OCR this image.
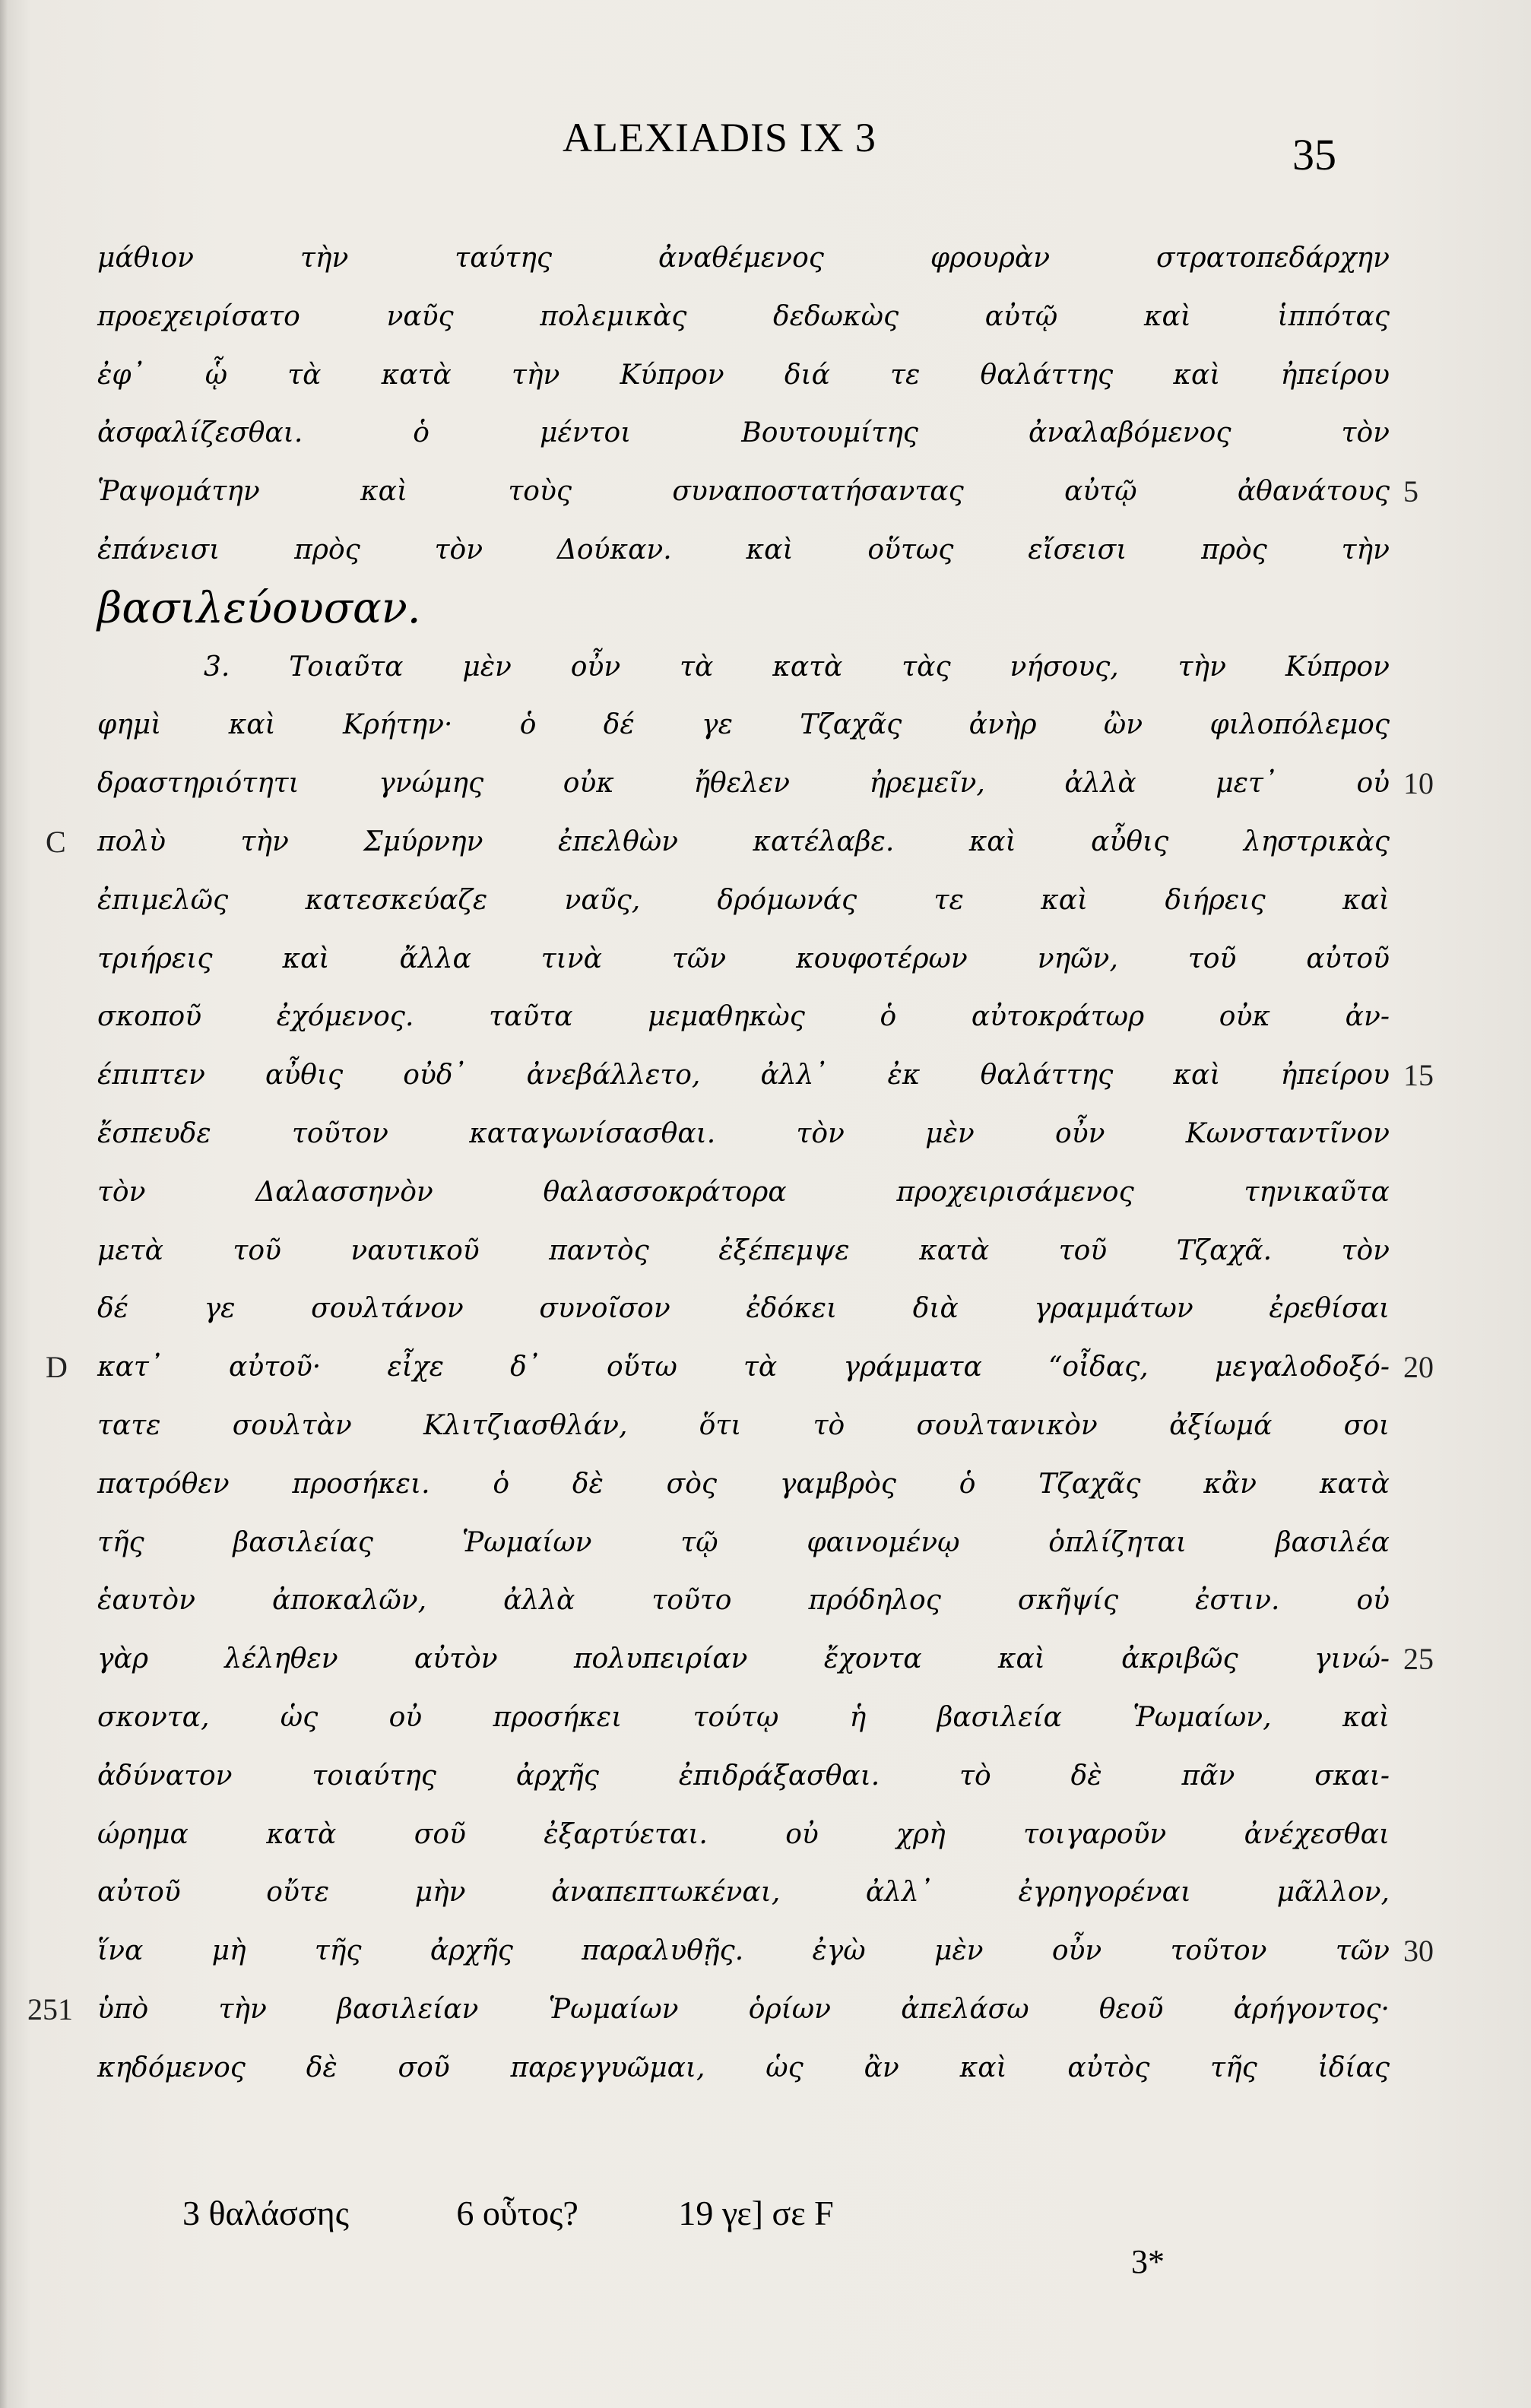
ALEXIADIS IX 3	35
μάθιον τὴν ταύτης ἀναθέμενος φρουρὰν στρατοπεδάρχην
προεχειρίσατο ναῦς πολεμικὰς δεδωκὼς αὐτῷ καὶ ἱππότας
ἐφ᾿ ᾧ τὰ κατὰ τὴν Κύπρον διά τε θαλάττης καὶ ἠπείρου
ἀσφαλίζεσθαι. ὁ μέντοι Βουτουμίτης ἀναλαβόμενος τὸν
Ῥαψομάτην καὶ τοὺς συναποστατήσαντας αὐτῷ ἀθανάτους 5
ἐπάνεισι πρὸς τὸν Δούκαν. καὶ οὕτως εἴσεισι πρὸς τὴν
βασιλεύουσαν.
3. Τοιαῦτα μὲν οὖν τὰ κατὰ τὰς νήσους, τὴν Κύπρον
φημὶ καὶ Κρήτην· ὁ δέ γε Τζαχᾶς ἀνὴρ ὢν φιλοπόλεμος
δραστηριότητι γνώμης οὐκ ἤθελεν ἠρεμεῖν, ἀλλὰ μετ᾿ οὐ 10
C πολὺ τὴν Σμύρνην ἐπελθὼν κατέλαβε. καὶ αὖθις ληστρικὰς
ἐπιμελῶς κατεσκεύαζε ναῦς, δρόμωνάς τε καὶ διήρεις καὶ
τριήρεις καὶ ἄλλα τινὰ τῶν κουφοτέρων νηῶν, τοῦ αὐτοῦ
σκοποῦ ἐχόμενος. ταῦτα μεμαθηκὼς ὁ αὐτοκράτωρ οὐκ ἀν-
έπιπτεν αὖθις οὐδ᾿ ἀνεβάλλετο, ἀλλ᾿ ἐκ θαλάττης καὶ ἠπείρου 15
ἔσπευδε τοῦτον καταγωνίσασθαι. τὸν μὲν οὖν Κωνσταντῖνον
τὸν Δαλασσηνὸν θαλασσοκράτορα προχειρισάμενος τηνικαῦτα
μετὰ τοῦ ναυτικοῦ παντὸς ἐξέπεμψε κατὰ τοῦ Τζαχᾶ. τὸν
δέ γε σουλτάνον συνοῖσον ἐδόκει διὰ γραμμάτων ἐρεθίσαι
D κατ᾿ αὐτοῦ· εἶχε δ᾿ οὕτω τὰ γράμματα “οἶδας, μεγαλοδοξό- 20
τατε σουλτὰν Κλιτζιασθλάν, ὅτι τὸ σουλτανικὸν ἀξίωμά σοι
πατρόθεν προσήκει. ὁ δὲ σὸς γαμβρὸς ὁ Τζαχᾶς κἂν κατὰ
τῆς βασιλείας Ῥωμαίων τῷ φαινομένῳ ὁπλίζηται βασιλέα
ἑαυτὸν ἀποκαλῶν, ἀλλὰ τοῦτο πρόδηλος σκῆψίς ἐστιν. οὐ
γὰρ λέληθεν αὐτὸν πολυπειρίαν ἔχοντα καὶ ἀκριβῶς γινώ- 25
σκοντα, ὡς οὐ προσήκει τούτῳ ἡ βασιλεία Ῥωμαίων, καὶ
ἀδύνατον τοιαύτης ἀρχῆς ἐπιδράξασθαι. τὸ δὲ πᾶν σκαι-
ώρημα κατὰ σοῦ ἐξαρτύεται. οὐ χρὴ τοιγαροῦν ἀνέχεσθαι
αὐτοῦ οὔτε μὴν ἀναπεπτωκέναι, ἀλλ᾿ ἐγρηγορέναι μᾶλλον,
ἵνα μὴ τῆς ἀρχῆς παραλυθῇς. ἐγὼ μὲν οὖν τοῦτον τῶν 30
251 ὑπὸ τὴν βασιλείαν Ῥωμαίων ὁρίων ἀπελάσω θεοῦ ἀρήγοντος·
κηδόμενος δὲ σοῦ παρεγγυῶμαι, ὡς ἂν καὶ αὐτὸς τῆς ἰδίας
3 θαλάσσης	6 οὗτος?	19 γε] σε F
3*
